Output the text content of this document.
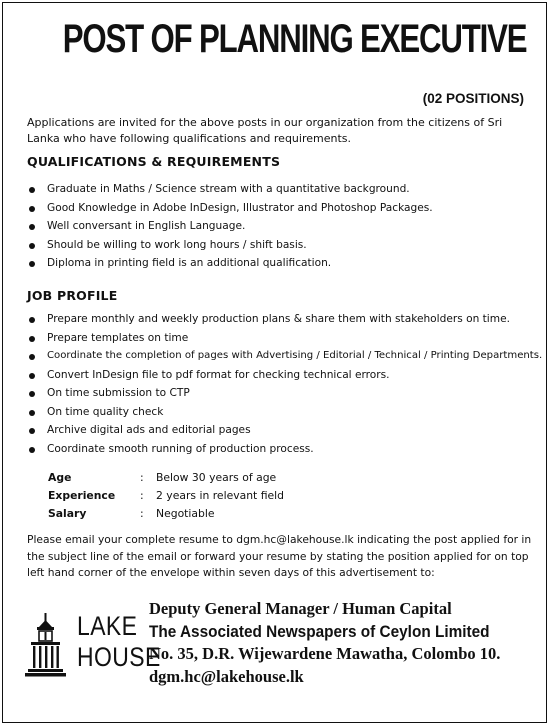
POST OF PLANNING EXECUTIVE
(02 POSITIONS)
Applications are invited for the above posts in our organization from the citizens of Sri Lanka who have following qualifications and requirements.
QUALIFICATIONS & REQUIREMENTS
Graduate in Maths / Science stream with a quantitative background.
Good Knowledge in Adobe InDesign, Illustrator and Photoshop Packages.
Well conversant in English Language.
Should be willing to work long hours / shift basis.
Diploma in printing field is an additional qualification.
JOB PROFILE
Prepare monthly and weekly production plans & share them with stakeholders on time.
Prepare templates on time
Coordinate the completion of pages with Advertising / Editorial / Technical / Printing Departments.
Convert InDesign file to pdf format for checking technical errors.
On time submission to CTP
On time quality check
Archive digital ads and editorial pages
Coordinate smooth running of production process.
Age	:	Below 30 years of age
Experience	:	2 years in relevant field
Salary	:	Negotiable
Please email your complete resume to dgm.hc@lakehouse.lk indicating the post applied for in the subject line of the email or forward your resume by stating the position applied for on top left hand corner of the envelope within seven days of this advertisement to:
LAKE
HOUSE
Deputy General Manager / Human Capital
The Associated Newspapers of Ceylon Limited
No. 35, D.R. Wijewardene Mawatha, Colombo 10.
dgm.hc@lakehouse.lk
